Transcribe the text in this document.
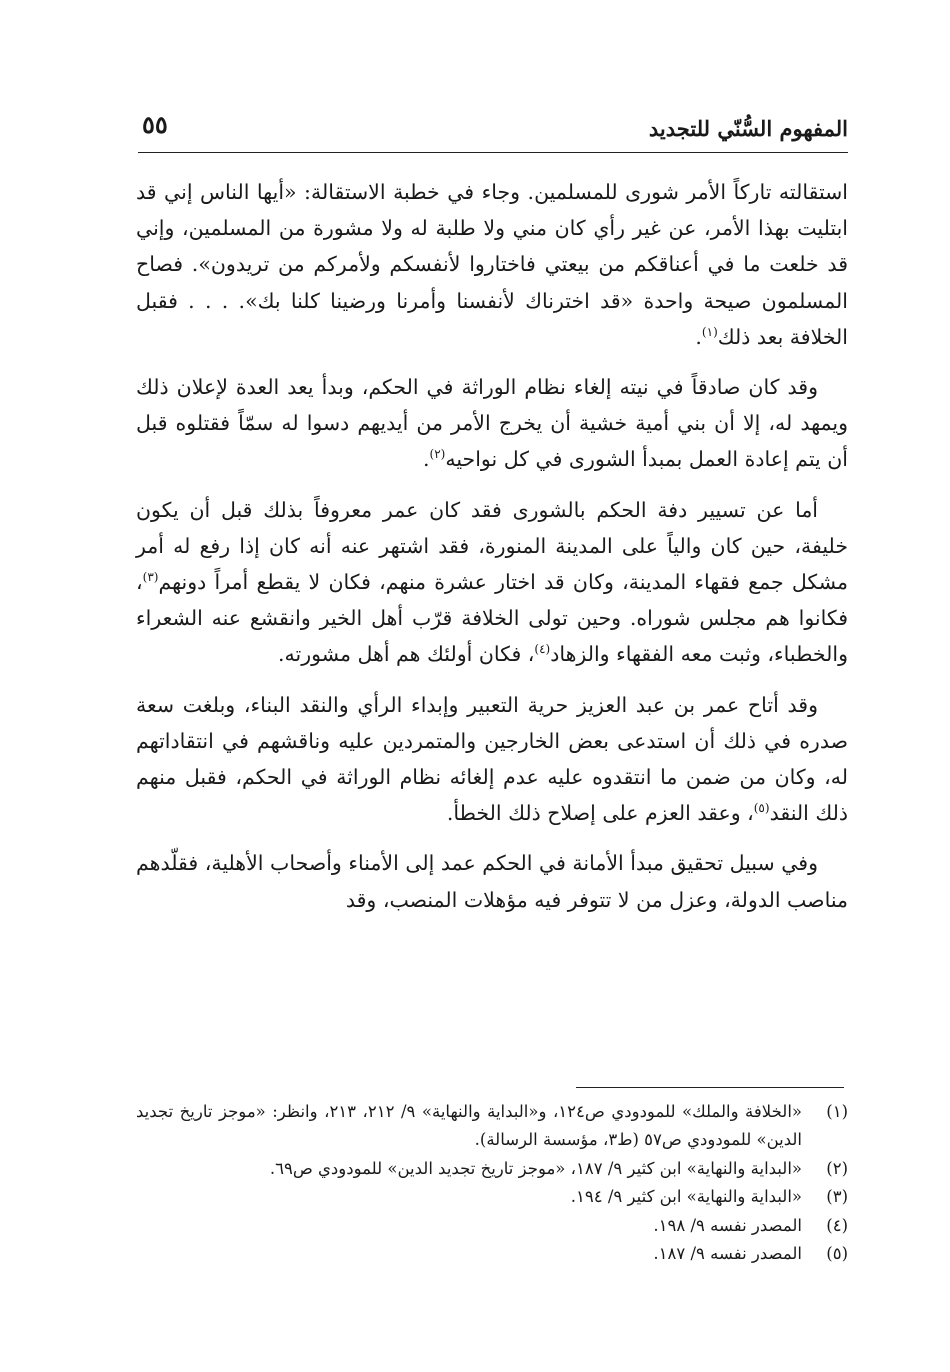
المفهوم السُّنّي للتجديد
٥٥

استقالته تاركاً الأمر شورى للمسلمين. وجاء في خطبة الاستقالة: «أيها الناس إني قد ابتليت بهذا الأمر، عن غير رأي كان مني ولا طلبة له ولا مشورة من المسلمين، وإني قد خلعت ما في أعناقكم من بيعتي فاختاروا لأنفسكم ولأمركم من تريدون». فصاح المسلمون صيحة واحدة «قد اخترناك لأنفسنا وأمرنا ورضينا كلنا بك». . . . فقبل الخلافة بعد ذلك$^{(١)}$.

وقد كان صادقاً في نيته إلغاء نظام الوراثة في الحكم، وبدأ يعد العدة لإعلان ذلك ويمهد له، إلا أن بني أمية خشية أن يخرج الأمر من أيديهم دسوا له سمّاً فقتلوه قبل أن يتم إعادة العمل بمبدأ الشورى في كل نواحيه$^{(٢)}$.

أما عن تسيير دفة الحكم بالشورى فقد كان عمر معروفاً بذلك قبل أن يكون خليفة، حين كان والياً على المدينة المنورة، فقد اشتهر عنه أنه كان إذا رفع له أمر مشكل جمع فقهاء المدينة، وكان قد اختار عشرة منهم، فكان لا يقطع أمراً دونهم$^{(٣)}$، فكانوا هم مجلس شوراه. وحين تولى الخلافة قرّب أهل الخير وانقشع عنه الشعراء والخطباء، وثبت معه الفقهاء والزهاد$^{(٤)}$، فكان أولئك هم أهل مشورته.

وقد أتاح عمر بن عبد العزيز حرية التعبير وإبداء الرأي والنقد البناء، وبلغت سعة صدره في ذلك أن استدعى بعض الخارجين والمتمردين عليه وناقشهم في انتقاداتهم له، وكان من ضمن ما انتقدوه عليه عدم إلغائه نظام الوراثة في الحكم، فقبل منهم ذلك النقد$^{(٥)}$، وعقد العزم على إصلاح ذلك الخطأ.

وفي سبيل تحقيق مبدأ الأمانة في الحكم عمد إلى الأمناء وأصحاب الأهلية، فقلّدهم مناصب الدولة، وعزل من لا تتوفر فيه مؤهلات المنصب، وقد

(١)
«الخلافة والملك» للمودودي ص١٢٤، و«البداية والنهاية» ٩/ ٢١٢، ٢١٣، وانظر: «موجز تاريخ تجديد الدين» للمودودي ص٥٧ (ط٣، مؤسسة الرسالة).
(٢)
«البداية والنهاية» ابن كثير ٩/ ١٨٧، «موجز تاريخ تجديد الدين» للمودودي ص٦٩.
(٣)
«البداية والنهاية» ابن كثير ٩/ ١٩٤.
(٤)
المصدر نفسه ٩/ ١٩٨.
(٥)
المصدر نفسه ٩/ ١٨٧.
